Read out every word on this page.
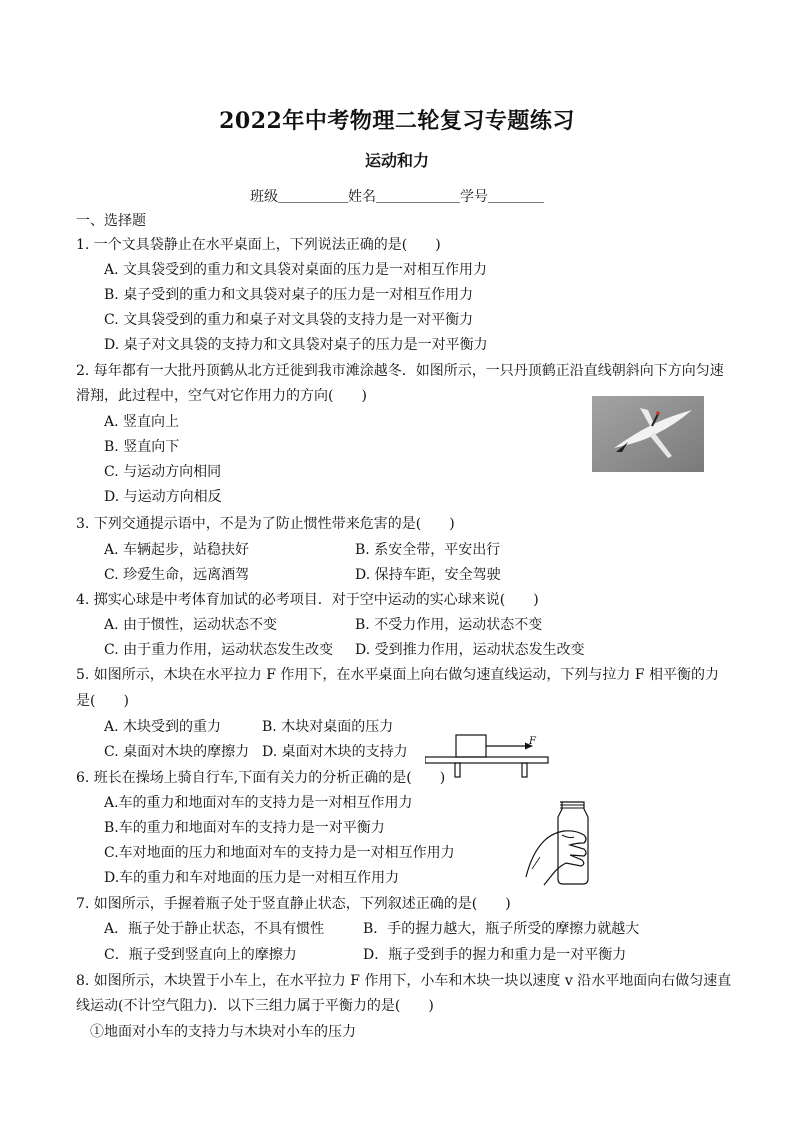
2022年中考物理二轮复习专题练习
运动和力
班级＿＿＿＿＿姓名＿＿＿＿＿＿学号＿＿＿＿
一、选择题
1. 一个文具袋静止在水平桌面上，下列说法正确的是(　　)
A. 文具袋受到的重力和文具袋对桌面的压力是一对相互作用力
B. 桌子受到的重力和文具袋对桌子的压力是一对相互作用力
C. 文具袋受到的重力和桌子对文具袋的支持力是一对平衡力
D. 桌子对文具袋的支持力和文具袋对桌子的压力是一对平衡力
2. 每年都有一大批丹顶鹤从北方迁徙到我市滩涂越冬．如图所示，一只丹顶鹤正沿直线朝斜向下方向匀速
滑翔，此过程中，空气对它作用力的方向(　　)
A. 竖直向上
B. 竖直向下
C. 与运动方向相同
D. 与运动方向相反
3. 下列交通提示语中，不是为了防止惯性带来危害的是(　　)
A. 车辆起步，站稳扶好	B. 系安全带，平安出行
C. 珍爱生命，远离酒驾	D. 保持车距，安全驾驶
4. 掷实心球是中考体育加试的必考项目．对于空中运动的实心球来说(　　)
A. 由于惯性，运动状态不变	B. 不受力作用，运动状态不变
C. 由于重力作用，运动状态发生改变 D. 受到推力作用，运动状态发生改变
5. 如图所示，木块在水平拉力 F 作用下，在水平桌面上向右做匀速直线运动，下列与拉力 F 相平衡的力
是(　　)
A. 木块受到的重力	B. 木块对桌面的压力
C. 桌面对木块的摩擦力 D. 桌面对木块的支持力
F
6. 班长在操场上骑自行车,下面有关力的分析正确的是(　　)
A.车的重力和地面对车的支持力是一对相互作用力
B.车的重力和地面对车的支持力是一对平衡力
C.车对地面的压力和地面对车的支持力是一对相互作用力
D.车的重力和车对地面的压力是一对相互作用力
7. 如图所示，手握着瓶子处于竖直静止状态，下列叙述正确的是(　　)
A．瓶子处于静止状态，不具有惯性	B．手的握力越大，瓶子所受的摩擦力就越大
C．瓶子受到竖直向上的摩擦力	D．瓶子受到手的握力和重力是一对平衡力
8. 如图所示，木块置于小车上，在水平拉力 F 作用下，小车和木块一块以速度 v 沿水平地面向右做匀速直
线运动(不计空气阻力)．以下三组力属于平衡力的是(　　)
①地面对小车的支持力与木块对小车的压力
